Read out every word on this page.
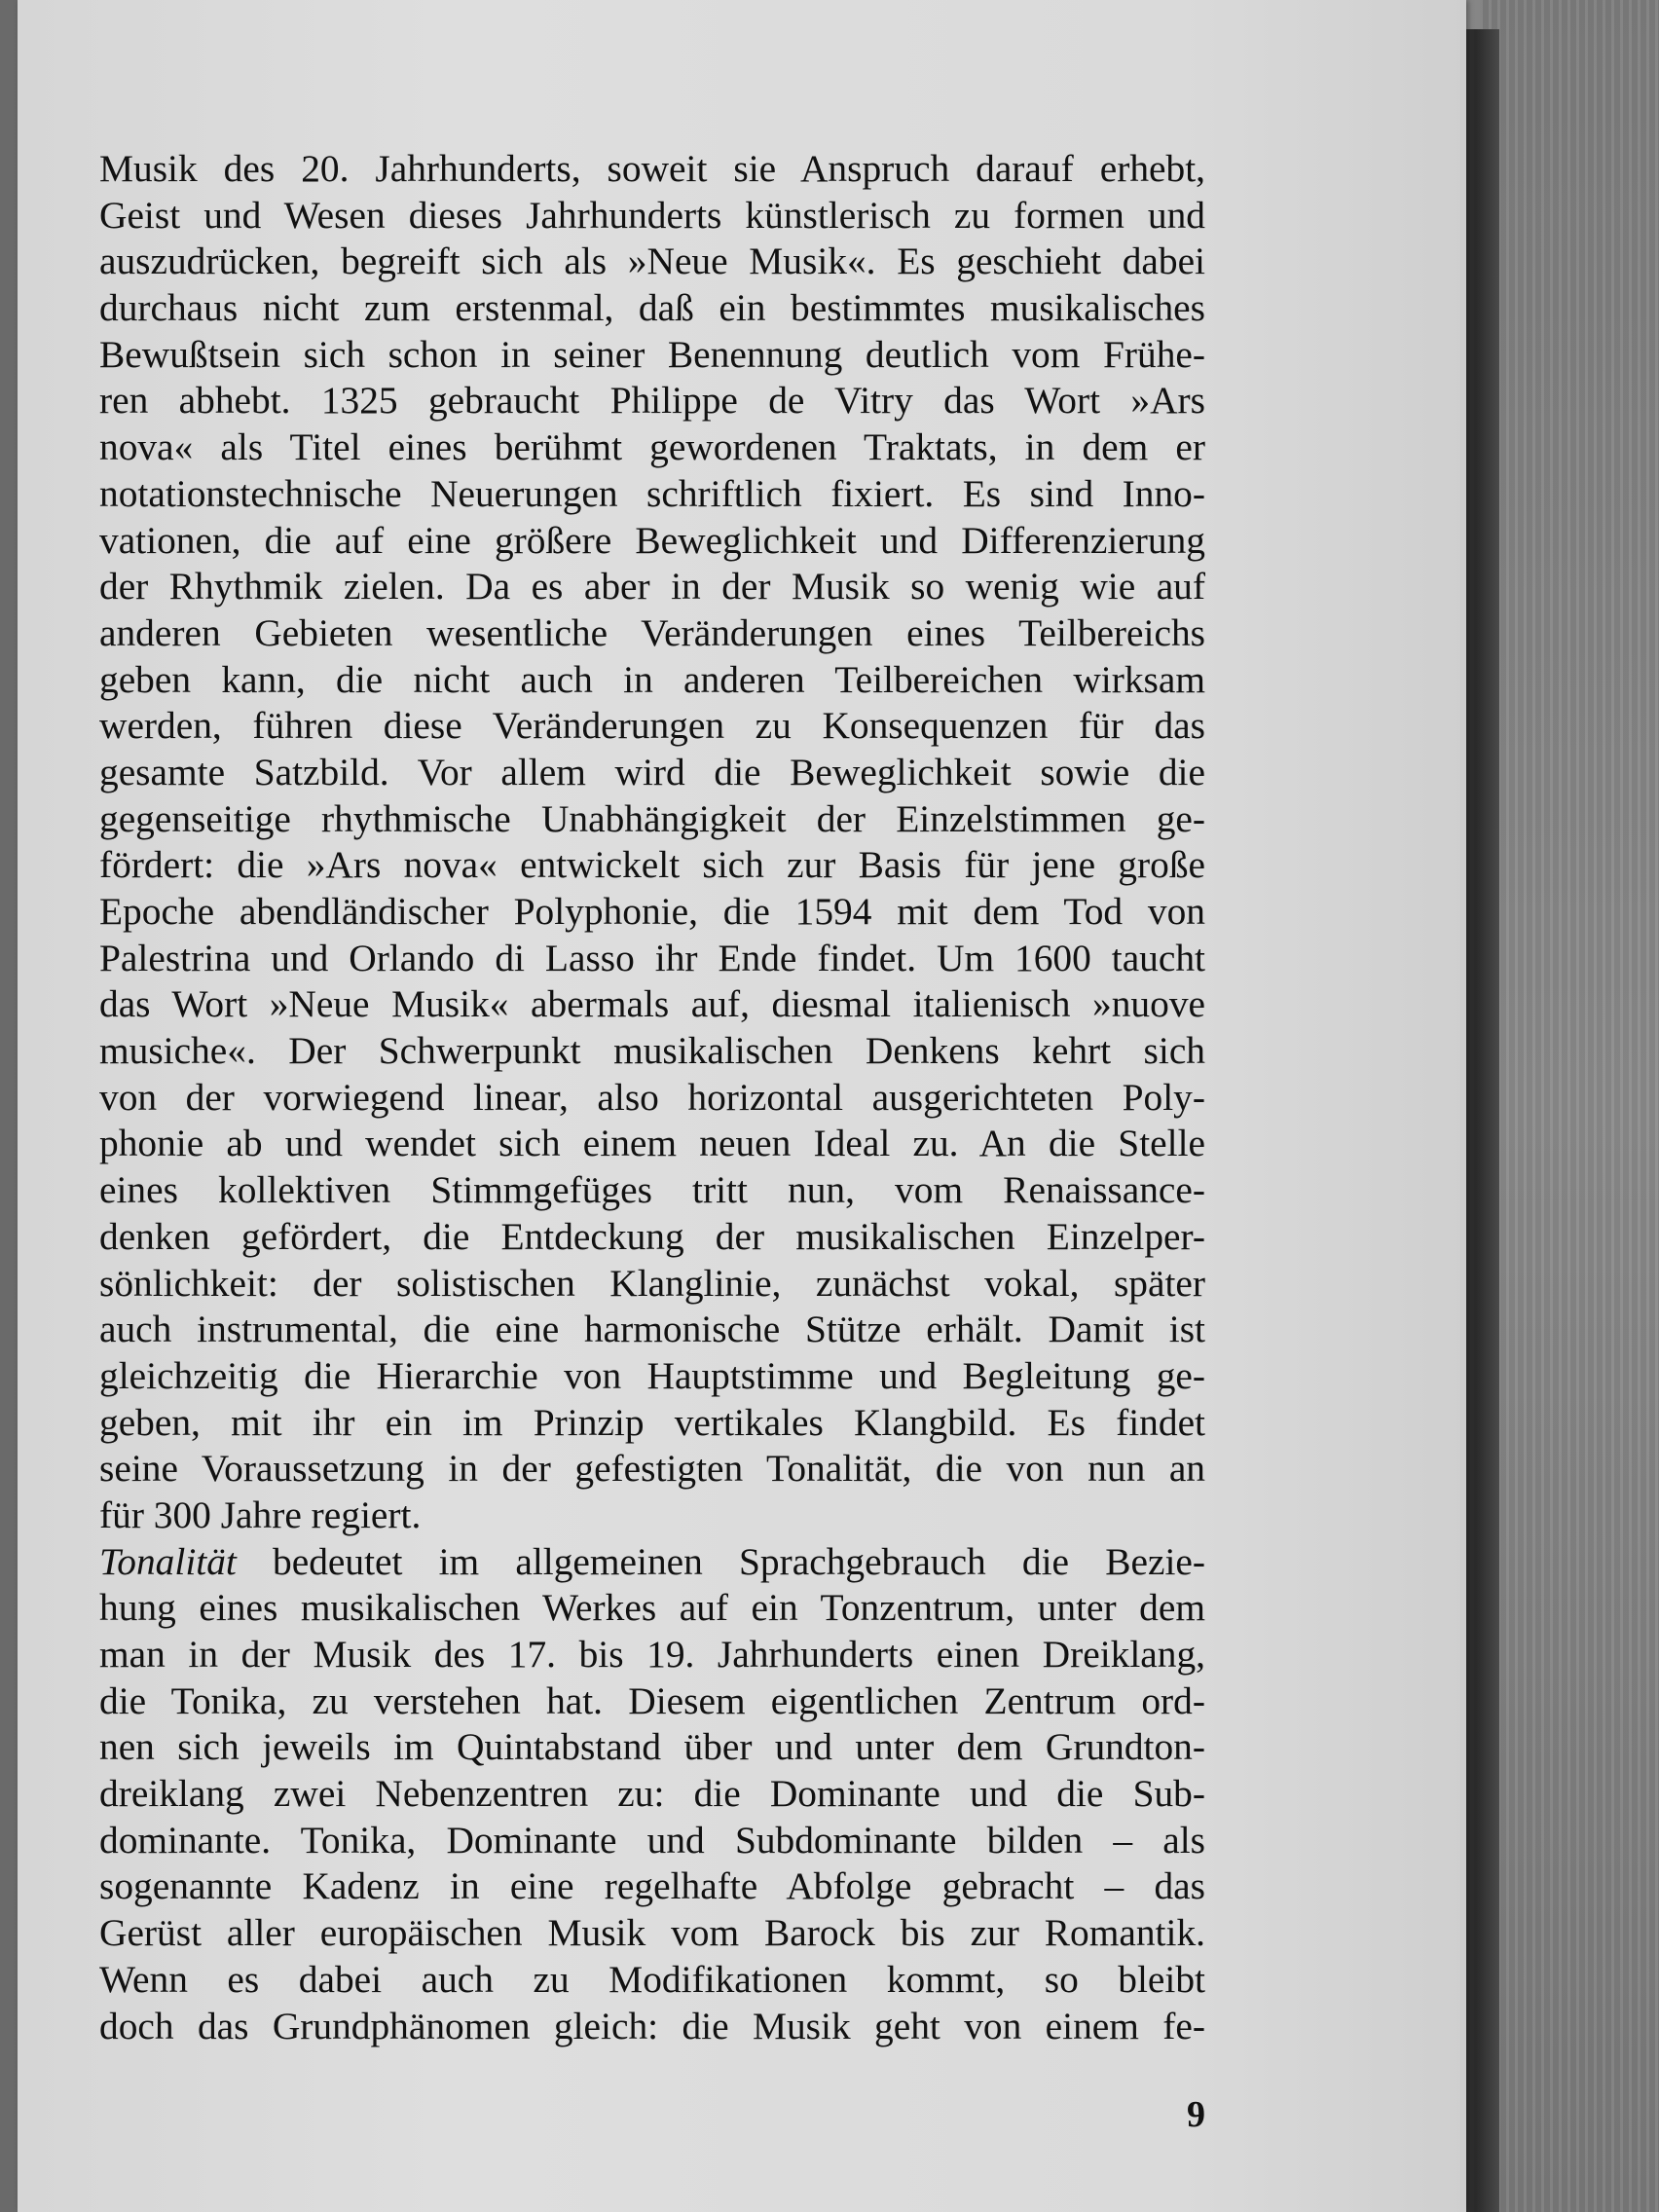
Musik des 20. Jahrhunderts, soweit sie Anspruch darauf erhebt,
Geist und Wesen dieses Jahrhunderts künstlerisch zu formen und
auszudrücken, begreift sich als »Neue Musik«. Es geschieht dabei
durchaus nicht zum erstenmal, daß ein bestimmtes musikalisches
Bewußtsein sich schon in seiner Benennung deutlich vom Frühe-
ren abhebt. 1325 gebraucht Philippe de Vitry das Wort »Ars
nova« als Titel eines berühmt gewordenen Traktats, in dem er
notationstechnische Neuerungen schriftlich fixiert. Es sind Inno-
vationen, die auf eine größere Beweglichkeit und Differenzierung
der Rhythmik zielen. Da es aber in der Musik so wenig wie auf
anderen Gebieten wesentliche Veränderungen eines Teilbereichs
geben kann, die nicht auch in anderen Teilbereichen wirksam
werden, führen diese Veränderungen zu Konsequenzen für das
gesamte Satzbild. Vor allem wird die Beweglichkeit sowie die
gegenseitige rhythmische Unabhängigkeit der Einzelstimmen ge-
fördert: die »Ars nova« entwickelt sich zur Basis für jene große
Epoche abendländischer Polyphonie, die 1594 mit dem Tod von
Palestrina und Orlando di Lasso ihr Ende findet. Um 1600 taucht
das Wort »Neue Musik« abermals auf, diesmal italienisch »nuove
musiche«. Der Schwerpunkt musikalischen Denkens kehrt sich
von der vorwiegend linear, also horizontal ausgerichteten Poly-
phonie ab und wendet sich einem neuen Ideal zu. An die Stelle
eines kollektiven Stimmgefüges tritt nun, vom Renaissance-
denken gefördert, die Entdeckung der musikalischen Einzelper-
sönlichkeit: der solistischen Klanglinie, zunächst vokal, später
auch instrumental, die eine harmonische Stütze erhält. Damit ist
gleichzeitig die Hierarchie von Hauptstimme und Begleitung ge-
geben, mit ihr ein im Prinzip vertikales Klangbild. Es findet
seine Voraussetzung in der gefestigten Tonalität, die von nun an
für 300 Jahre regiert.
Tonalität bedeutet im allgemeinen Sprachgebrauch die Bezie-
hung eines musikalischen Werkes auf ein Tonzentrum, unter dem
man in der Musik des 17. bis 19. Jahrhunderts einen Dreiklang,
die Tonika, zu verstehen hat. Diesem eigentlichen Zentrum ord-
nen sich jeweils im Quintabstand über und unter dem Grundton-
dreiklang zwei Nebenzentren zu: die Dominante und die Sub-
dominante. Tonika, Dominante und Subdominante bilden – als
sogenannte Kadenz in eine regelhafte Abfolge gebracht – das
Gerüst aller europäischen Musik vom Barock bis zur Romantik.
Wenn es dabei auch zu Modifikationen kommt, so bleibt
doch das Grundphänomen gleich: die Musik geht von einem fe-
9
